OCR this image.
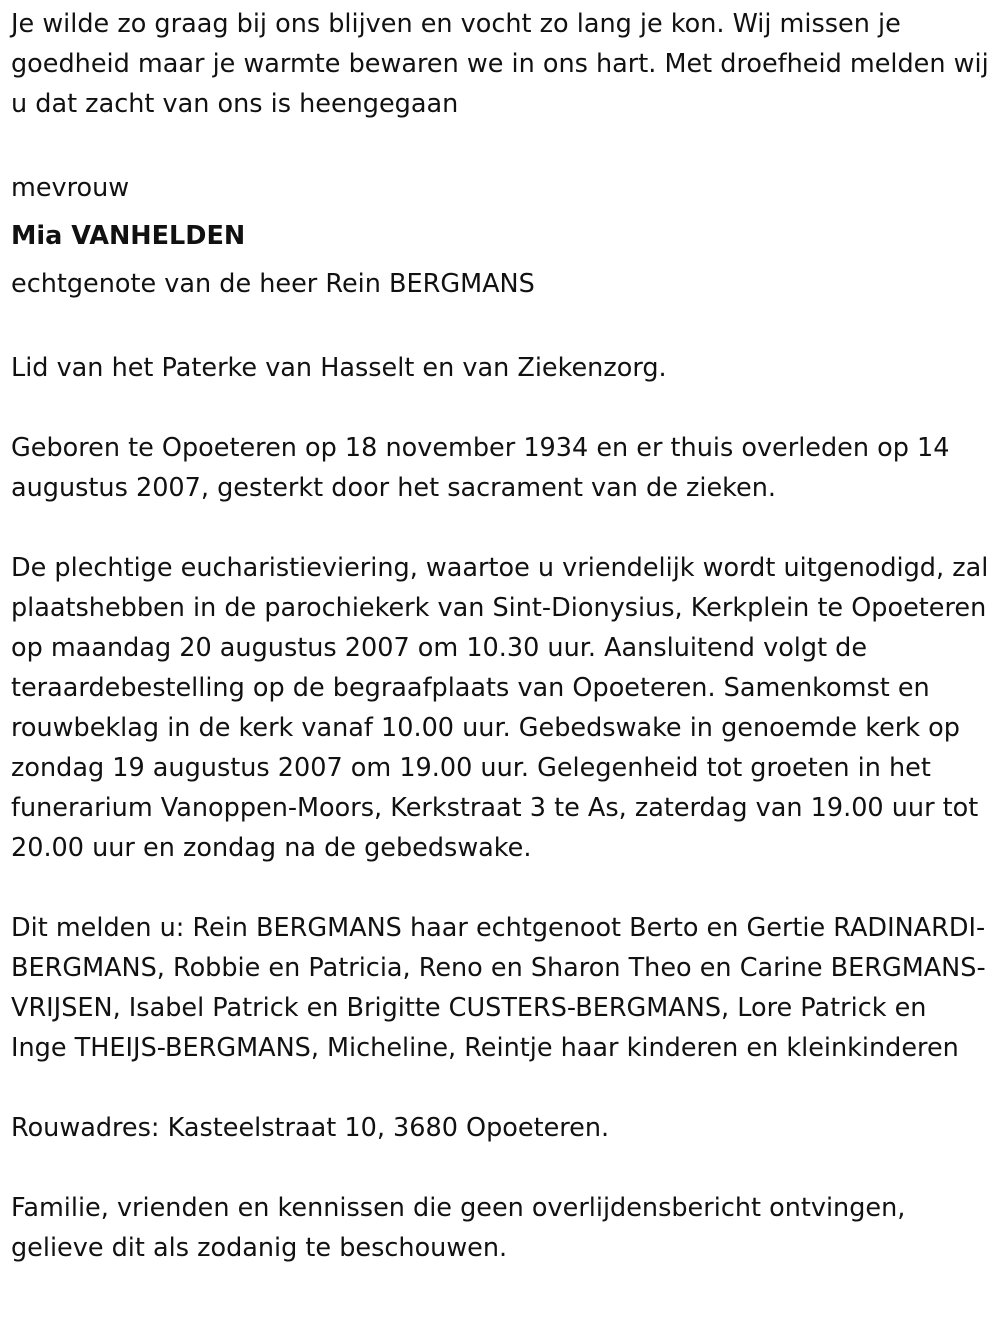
Je wilde zo graag bij ons blijven en vocht zo lang je kon. Wij missen je goedheid maar je warmte bewaren we in ons hart. Met droefheid melden wij u dat zacht van ons is heengegaan

mevrouw

Mia VANHELDEN

echtgenote van de heer Rein BERGMANS

Lid van het Paterke van Hasselt en van Ziekenzorg.

Geboren te Opoeteren op 18 november 1934 en er thuis overleden op 14 augustus 2007, gesterkt door het sacrament van de zieken.

De plechtige eucharistieviering, waartoe u vriendelijk wordt uitgenodigd, zal plaatshebben in de parochiekerk van Sint-Dionysius, Kerkplein te Opoeteren op maandag 20 augustus 2007 om 10.30 uur. Aansluitend volgt de teraardebestelling op de begraafplaats van Opoeteren. Samenkomst en rouwbeklag in de kerk vanaf 10.00 uur. Gebedswake in genoemde kerk op zondag 19 augustus 2007 om 19.00 uur. Gelegenheid tot groeten in het funerarium Vanoppen-Moors, Kerkstraat 3 te As, zaterdag van 19.00 uur tot 20.00 uur en zondag na de gebedswake.

Dit melden u: Rein BERGMANS haar echtgenoot Berto en Gertie RADINARDI-BERGMANS, Robbie en Patricia, Reno en Sharon Theo en Carine BERGMANS-VRIJSEN, Isabel Patrick en Brigitte CUSTERS-BERGMANS, Lore Patrick en Inge THEIJS-BERGMANS, Micheline, Reintje haar kinderen en kleinkinderen

Rouwadres: Kasteelstraat 10, 3680 Opoeteren.

Familie, vrienden en kennissen die geen overlijdensbericht ontvingen, gelieve dit als zodanig te beschouwen.
